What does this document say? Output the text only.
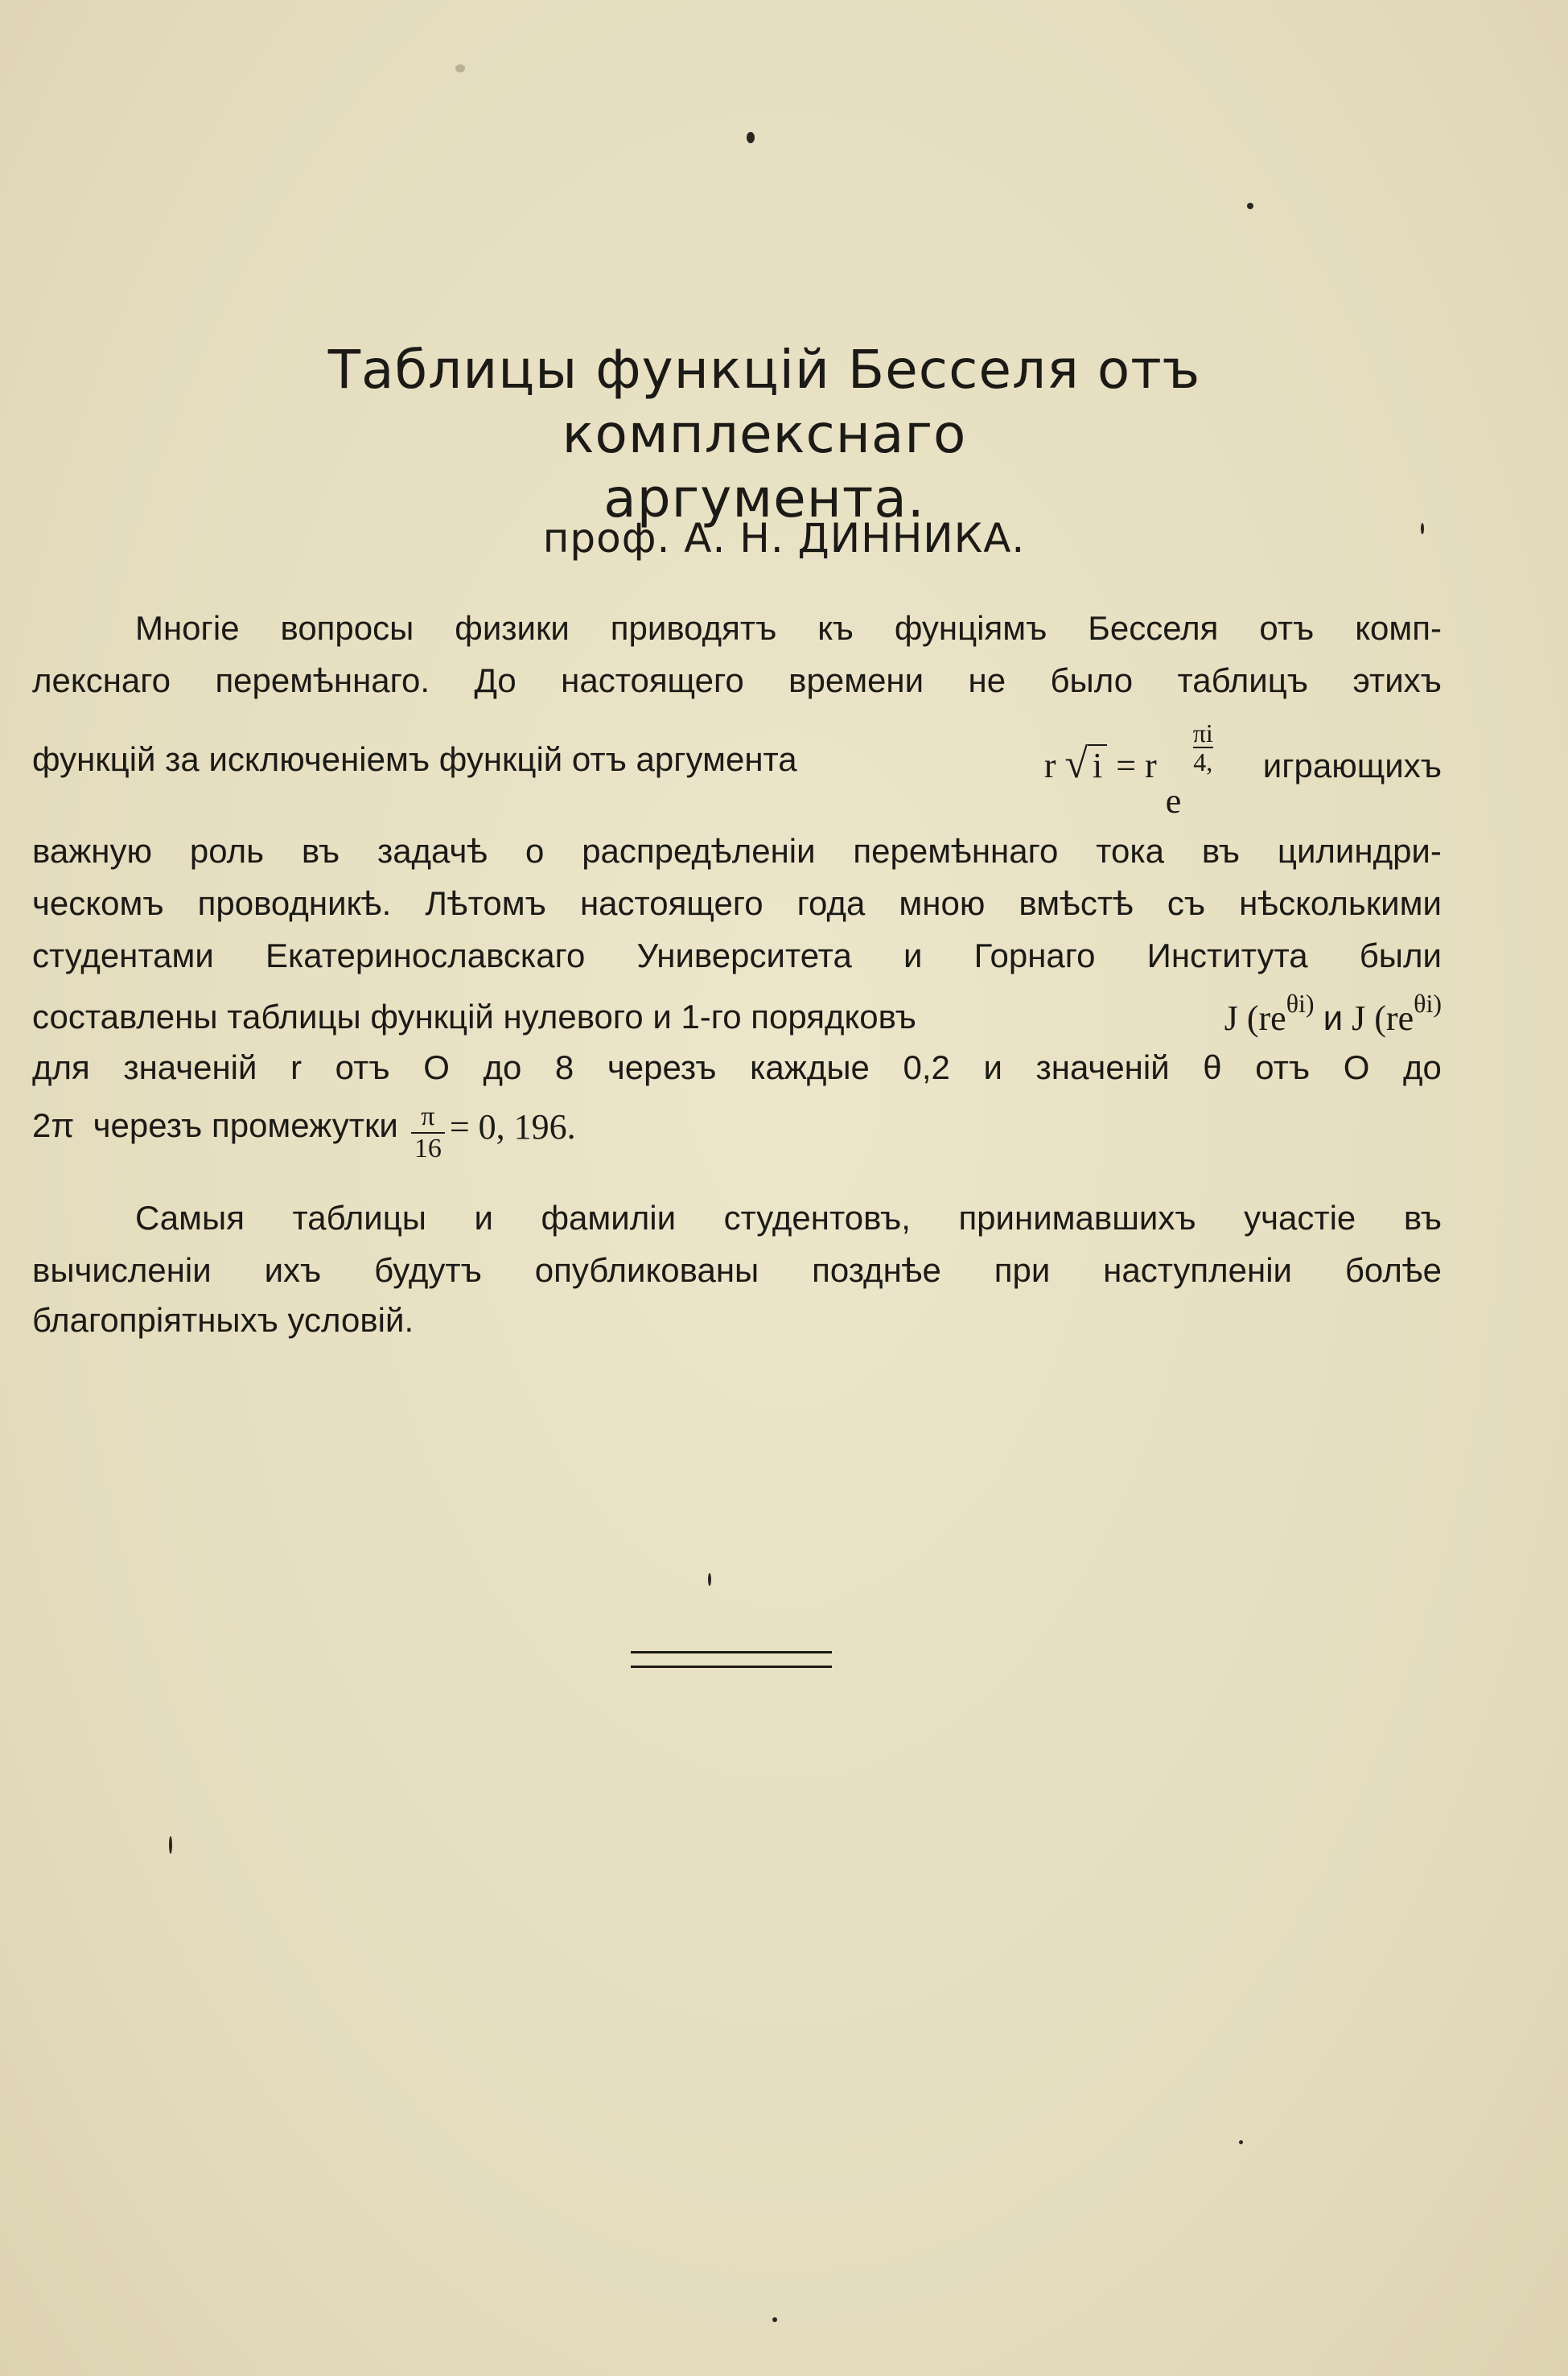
Таблицы функцій Бесселя отъ комплекснаго
аргумента.
проф. А. Н. ДИННИКА.
Многіе вопросы физики приводятъ къ фунціямъ Бесселя отъ комп-
лекснаго перемѣннаго. До настоящего времени не было таблицъ этихъ
функцій за исключеніемъ функцій отъ аргумента	r √ i = r
e
$\frac{\pi i}{4,}$ играющихъ
важную роль въ задачѣ о распредѣленіи перемѣннаго тока въ цилиндри-
ческомъ проводникѣ. Лѣтомъ настоящего года мною вмѣстѣ съ нѣсколькими
студентами Екатеринославскаго Университета и Горнаго Института были
составлены таблицы функцій нулевого и 1-го порядковъ	J ($re^{\theta i)}$ и J ($re^{\theta i)}$
для значеній r отъ О до 8 черезъ каждые 0,2 и значеній θ отъ О до
2π  черезъ промежутки $\frac{\pi}{16} = 0$, 196.
Самыя таблицы и фамиліи студентовъ, принимавшихъ участіе въ
вычисленіи ихъ будутъ опубликованы позднѣе при наступленіи болѣе
благопріятныхъ условій.
